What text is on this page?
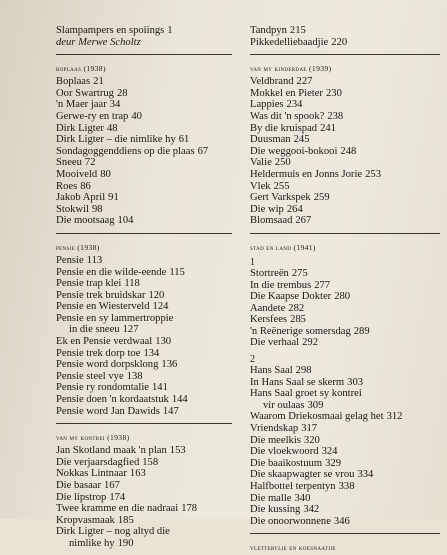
Slampampers en spoiings 1
deur Merwe Scholtz
boplaas (1938)
Boplaas 21
Oor Swartrug 28
'n Maer jaar 34
Gerwe-ry en trap 40
Dirk Ligter 48
Dirk Ligter – die nimlike hy 61
Sondagoggenddiens op die plaas 67
Sneeu 72
Mooiveld 80
Roes 86
Jakob April 91
Stokwil 98
Die mootsaag 104
pensie (1938)
Pensie 113
Pensie en die wilde-eende 115
Pensie trap klei 118
Pensie trek bruidskar 120
Pensie en Wiesterveld 124
Pensie en sy lammertroppie
in die sneeu 127
Ek en Pensie verdwaal 130
Pensie trek dorp toe 134
Pensie word dorpsklong 136
Pensie steel vye 138
Pensie ry rondomtalie 141
Pensie doen 'n kordaatstuk 144
Pensie word Jan Dawids 147
van my kontrei (1938)
Jan Skotland maak 'n plan 153
Die verjaarsdagfied 158
Nokkas Lintnaar 163
Die basaar 167
Die lipstrop 174
Twee kramme en die nadraai 178
Kropvasmaak 185
Dirk Ligter – nog altyd die
nimlike hy 190
Tandpyn 215
Pikkedelliebaadjie 220
van my kinderdae (1939)
Veldbrand 227
Mokkel en Pieter 230
Lappies 234
Was dit 'n spook? 238
By die kruispad 241
Duusman 245
Die weggooi-bokooi 248
Valie 250
Heldermuis en Jonns Jorie 253
Vlek 255
Gert Varkspek 259
Die wip 264
Blomsaad 267
stad en land (1941)
1
Stortreën 275
In die trembus 277
Die Kaapse Dokter 280
Aandete 282
Kersfees 285
'n Reënerige somersdag 289
Die verhaal 292
2
Hans Saal 298
In Hans Saal se skerm 303
Hans Saal groet sy kontrei
vir oulaas 309
Waarom Driekosmaai gelag het 312
Vriendskap 317
Die meelkis 320
Die vloekwoord 324
Die baaikostuum 329
Die skaapwagter se vrou 334
Halfbottel terpentyn 338
Die malle 340
Die kussing 342
Die onoorwonnene 346
vlettervlie en koesnaatjie
